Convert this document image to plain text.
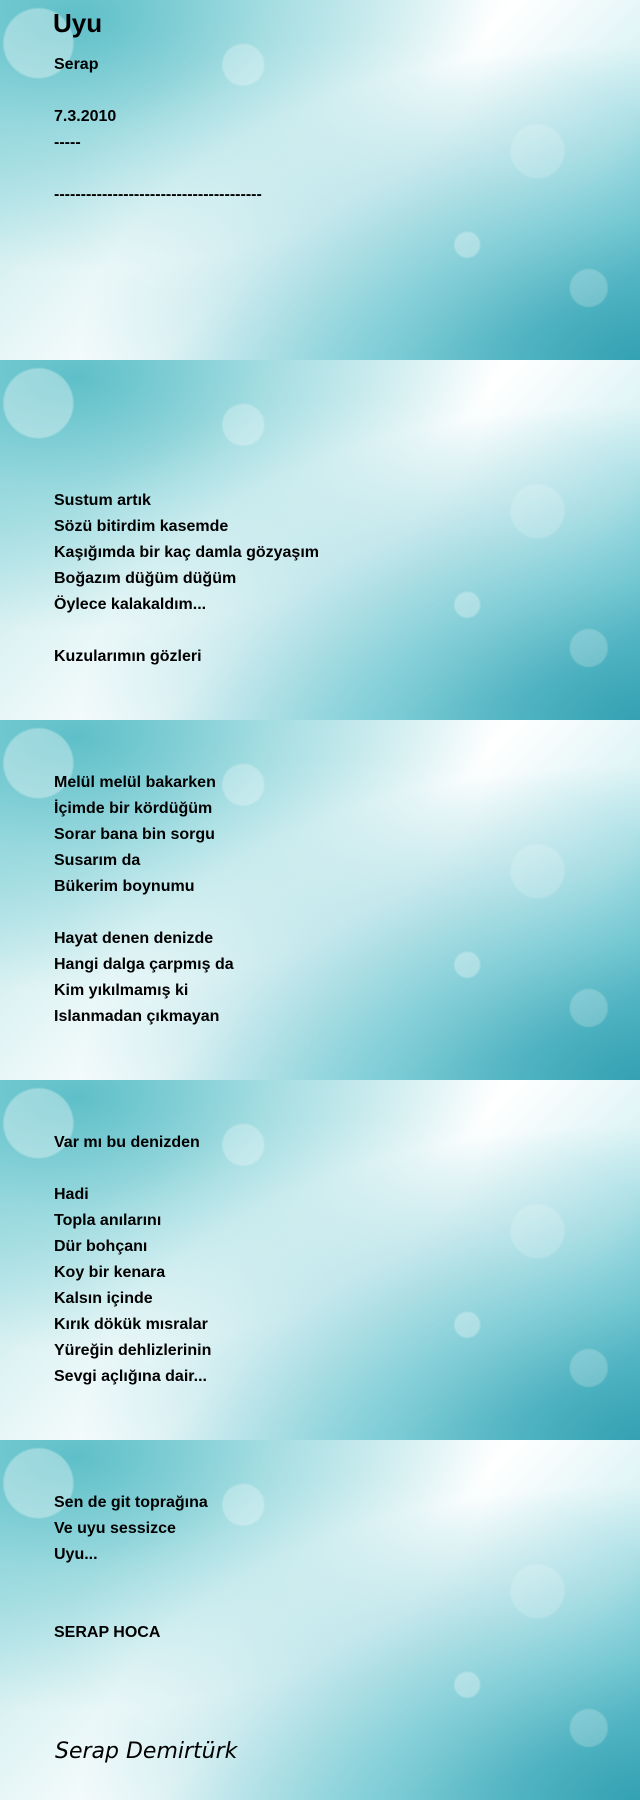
Uyu
Serap
7.3.2010
-----
---------------------------------------
Sustum artık
Sözü bitirdim kasemde
Kaşığımda bir kaç damla gözyaşım
Boğazım düğüm düğüm
Öylece kalakaldım...
Kuzularımın gözleri
Melül melül bakarken
İçimde bir kördüğüm
Sorar bana bin sorgu
Susarım da
Bükerim boynumu
Hayat denen denizde
Hangi dalga çarpmış da
Kim yıkılmamış ki
Islanmadan çıkmayan
Var mı bu denizden
Hadi
Topla anılarını
Dür bohçanı
Koy bir kenara
Kalsın içinde
Kırık dökük mısralar
Yüreğin dehlizlerinin
Sevgi açlığına dair...
Sen de git toprağına
Ve uyu sessizce
Uyu...
SERAP HOCA
Serap Demirtürk
